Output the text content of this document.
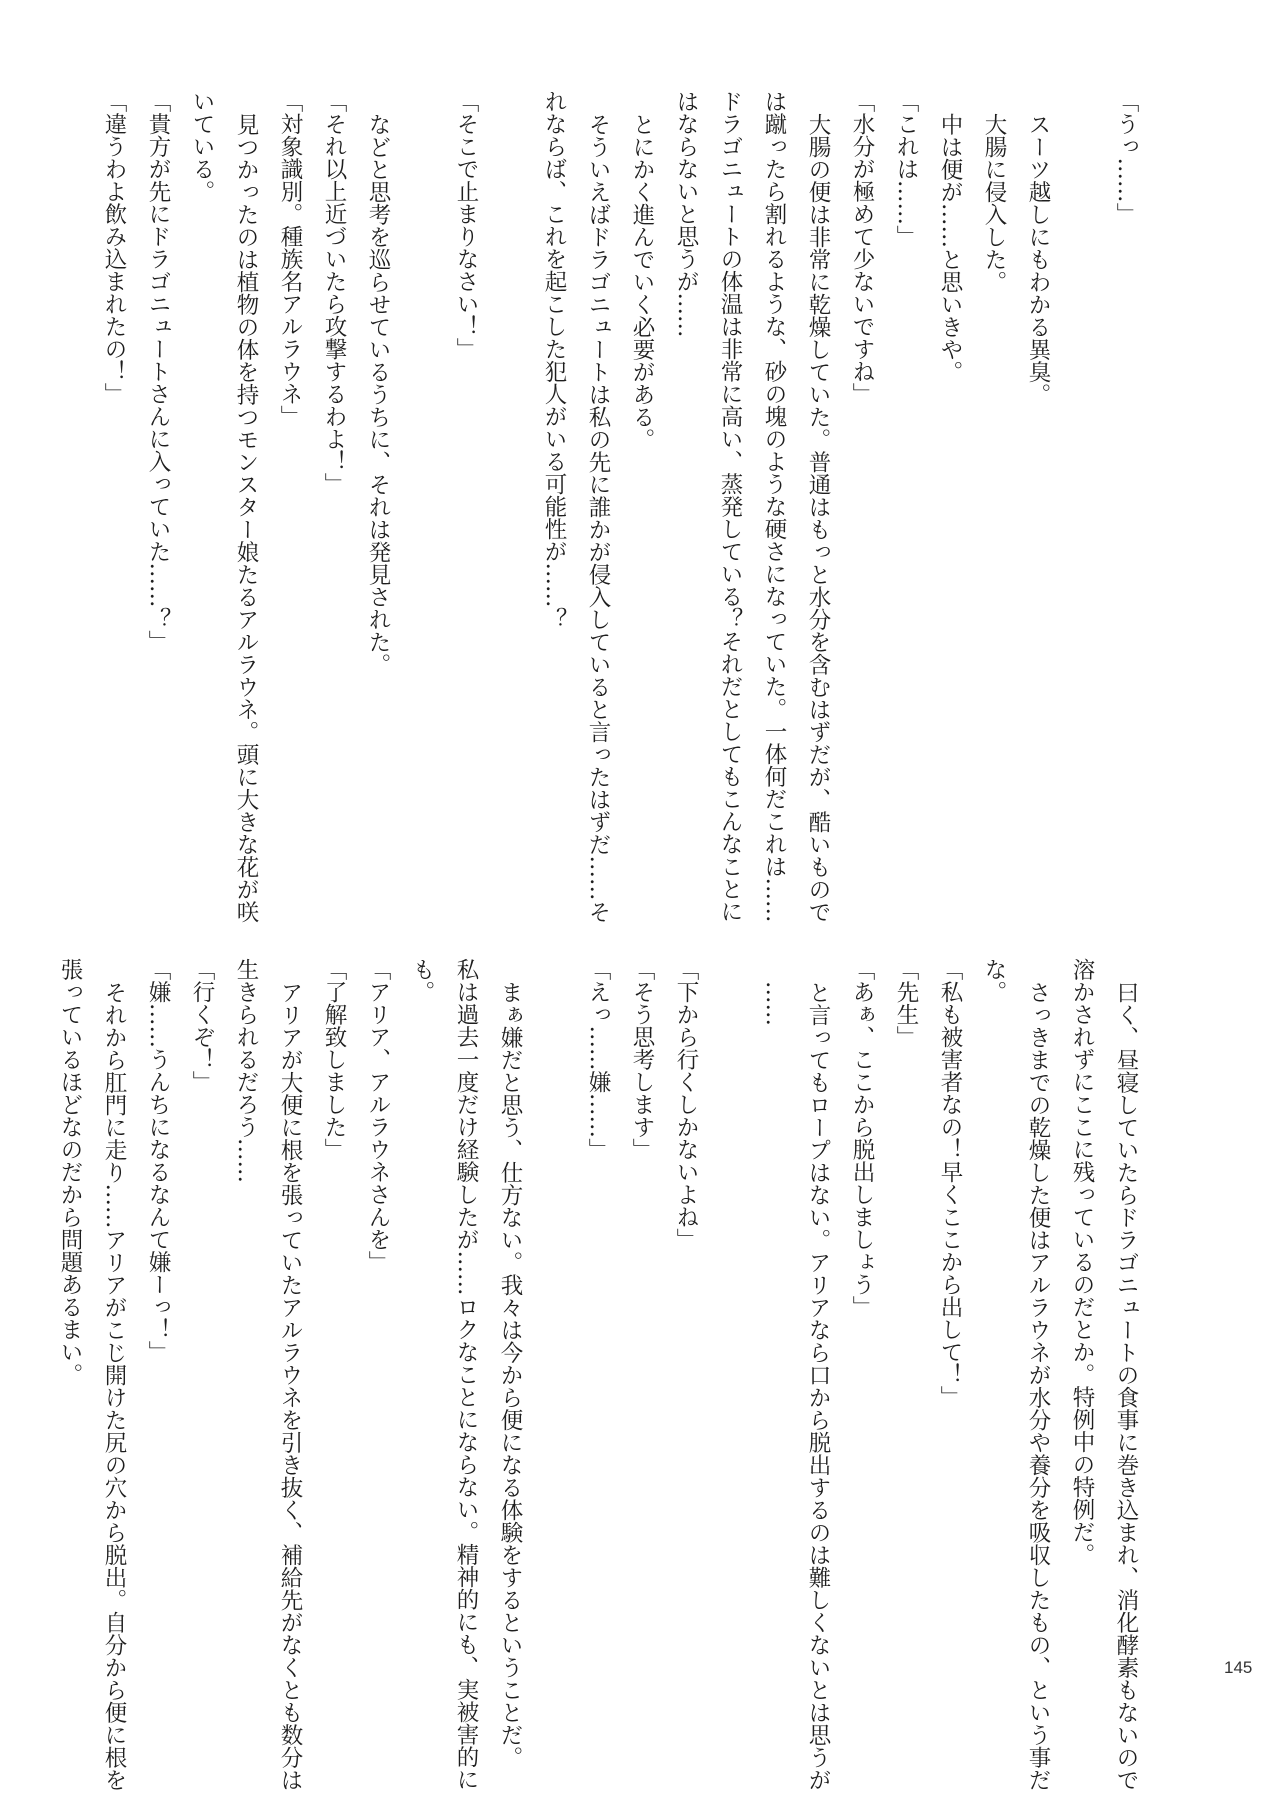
「うっ……」
スーツ越しにもわかる異臭。
大腸に侵入した。
中は便が……と思いきや。
「これは……」
「水分が極めて少ないですね」
大腸の便は非常に乾燥していた。普通はもっと水分を含むはずだが、酷いもので
は蹴ったら割れるような、砂の塊のような硬さになっていた。一体何だこれは……
ドラゴニュートの体温は非常に高い、蒸発している？それだとしてもこんなことに
はならないと思うが……
とにかく進んでいく必要がある。
そういえばドラゴニュートは私の先に誰かが侵入していると言ったはずだ……そ
れならば、これを起こした犯人がいる可能性が……？
「そこで止まりなさい！」
などと思考を巡らせているうちに、それは発見された。
「それ以上近づいたら攻撃するわよ！」
「対象識別。種族名アルラウネ」
見つかったのは植物の体を持つモンスター娘たるアルラウネ。頭に大きな花が咲
いている。
「貴方が先にドラゴニュートさんに入っていた……？」
「違うわよ飲み込まれたの！」
曰く、昼寝していたらドラゴニュートの食事に巻き込まれ、消化酵素もないので
溶かされずにここに残っているのだとか。特例中の特例だ。
さっきまでの乾燥した便はアルラウネが水分や養分を吸収したもの、という事だ
な。
「私も被害者なの！早くここから出して！」
「先生」
「あぁ、ここから脱出しましょう」
と言ってもロープはない。アリアなら口から脱出するのは難しくないとは思うが
……
「下から行くしかないよね」
「そう思考します」
「えっ……嫌……」
まぁ嫌だと思う、仕方ない。我々は今から便になる体験をするということだ。
私は過去一度だけ経験したが……ロクなことにならない。精神的にも、実被害的に
も。
「アリア、アルラウネさんを」
「了解致しました」
アリアが大便に根を張っていたアルラウネを引き抜く、補給先がなくとも数分は
生きられるだろう……
「行くぞ！」
「嫌……うんちになるなんて嫌ーっ！」
それから肛門に走り……アリアがこじ開けた尻の穴から脱出。自分から便に根を
張っているほどなのだから問題あるまい。
145
